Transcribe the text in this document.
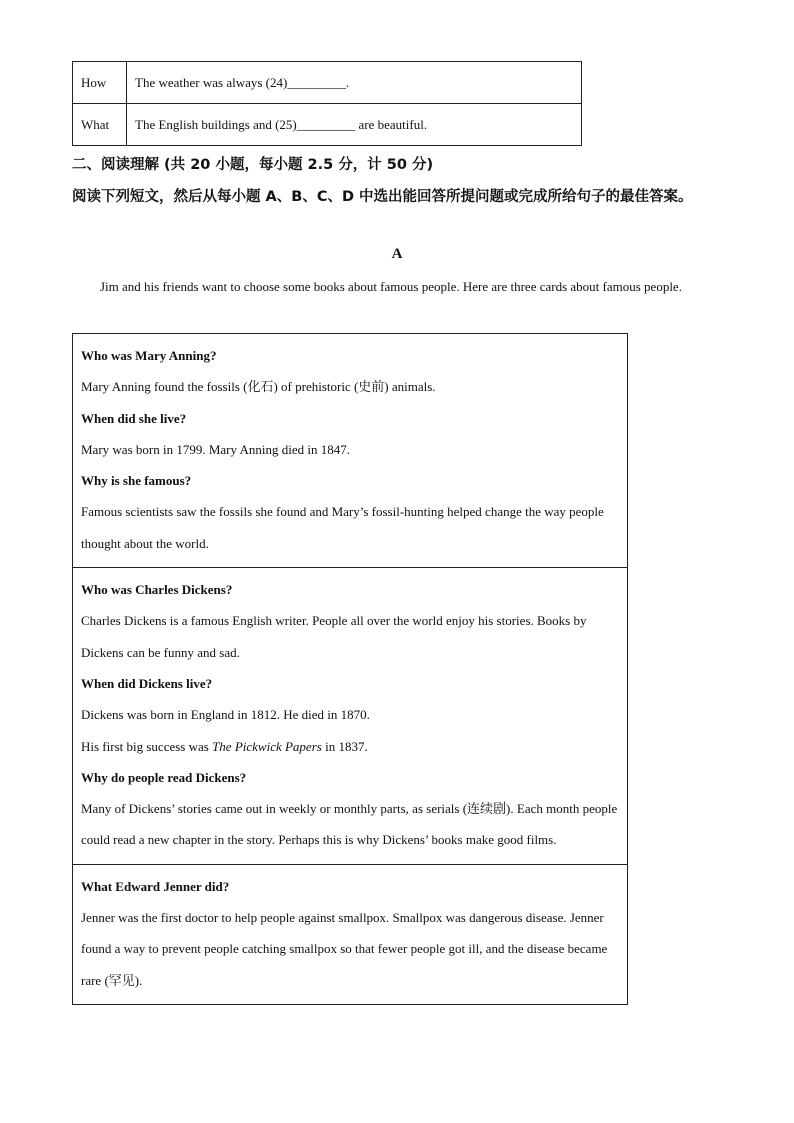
How	The weather was always (24)_________.
What	The English buildings and (25)_________ are beautiful.
二、阅读理解 (共 20 小题，每小题 2.5 分，计 50 分)
阅读下列短文，然后从每小题 A、B、C、D 中选出能回答所提问题或完成所给句子的最佳答案。
A
Jim and his friends want to choose some books about famous people. Here are three cards about famous people.
Who was Mary Anning?
Mary Anning found the fossils (化石) of prehistoric (史前) animals.
When did she live?
Mary was born in 1799. Mary Anning died in 1847.
Why is she famous?
Famous scientists saw the fossils she found and Mary’s fossil-hunting helped change the way people thought about the world.

Who was Charles Dickens?
Charles Dickens is a famous English writer. People all over the world enjoy his stories. Books by Dickens can be funny and sad.
When did Dickens live?
Dickens was born in England in 1812. He died in 1870.
His first big success was The Pickwick Papers in 1837.
Why do people read Dickens?
Many of Dickens’ stories came out in weekly or monthly parts, as serials (连续剧). Each month people could read a new chapter in the story. Perhaps this is why Dickens’ books make good films.

What Edward Jenner did?
Jenner was the first doctor to help people against smallpox. Smallpox was dangerous disease. Jenner found a way to prevent people catching smallpox so that fewer people got ill, and the disease became rare (罕见).
